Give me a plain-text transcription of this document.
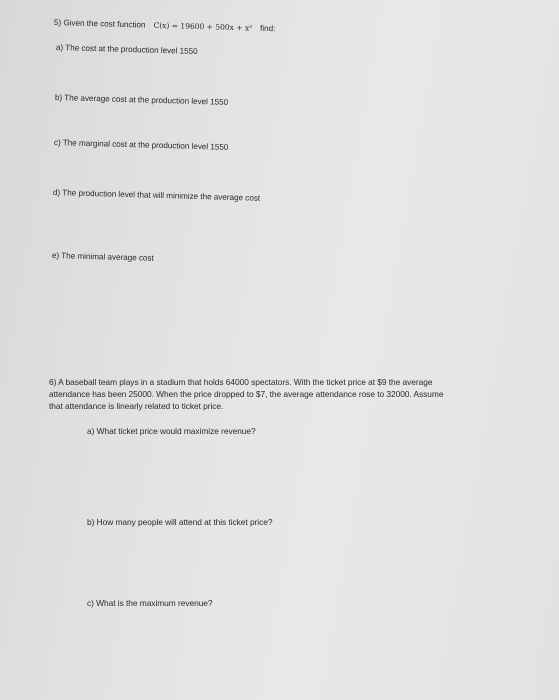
5) Given the cost function C(x) = 19600 + 500x + x² find:
a) The cost at the production level 1550
b) The average cost at the production level 1550
c) The marginal cost at the production level 1550
d) The production level that will minimize the average cost
e) The minimal average cost
6) A baseball team plays in a stadium that holds 64000 spectators. With the ticket price at $9 the average
attendance has been 25000. When the price dropped to $7, the average attendance rose to 32000. Assume
that attendance is linearly related to ticket price.
a) What ticket price would maximize revenue?
b) How many people will attend at this ticket price?
c) What is the maximum revenue?
